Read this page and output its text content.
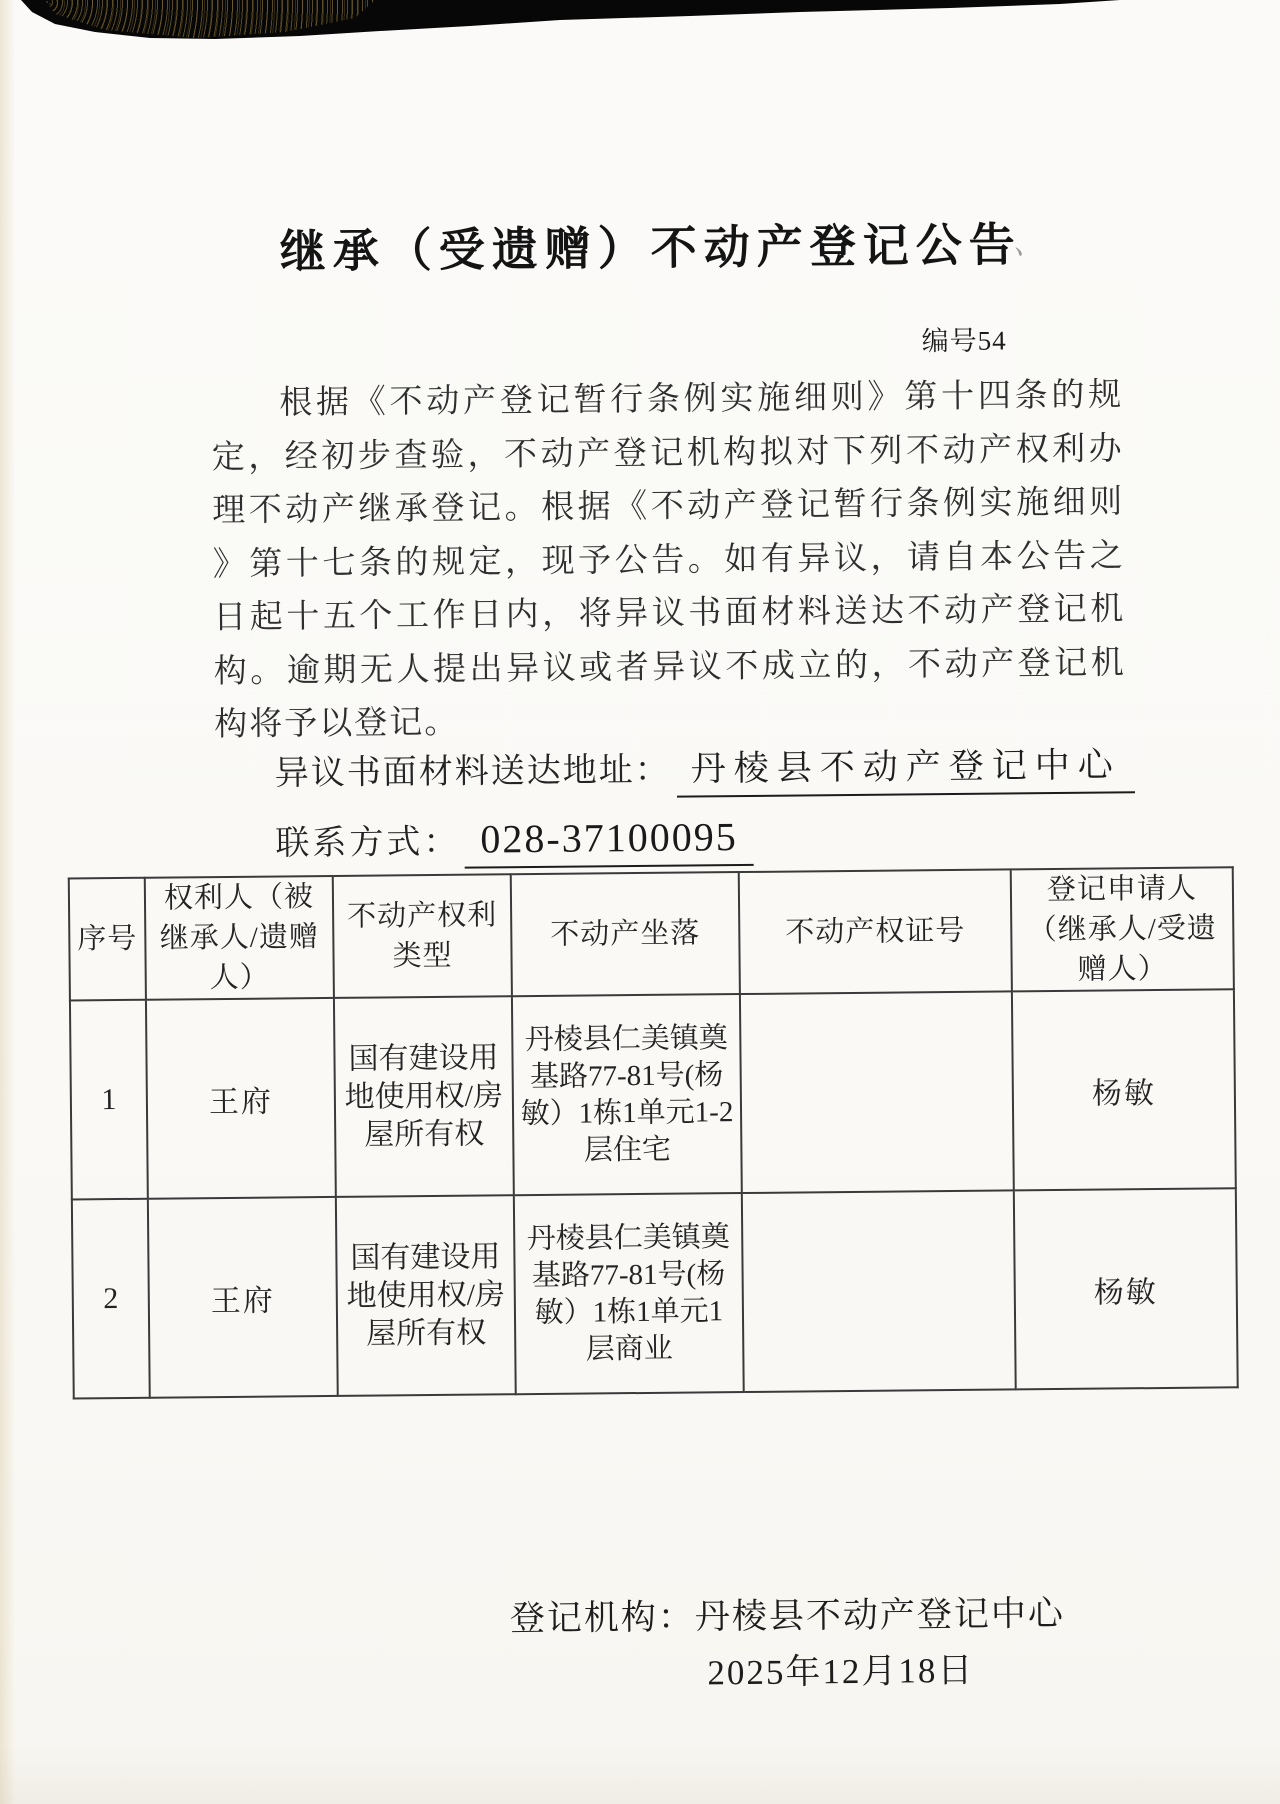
继承（受遗赠）不动产登记公告
、
编号54
根据《不动产登记暂行条例实施细则》第十四条的规
定，经初步查验，不动产登记机构拟对下列不动产权利办
理不动产继承登记。根据《不动产登记暂行条例实施细则
》第十七条的规定，现予公告。如有异议，请自本公告之
日起十五个工作日内，将异议书面材料送达不动产登记机
构。逾期无人提出异议或者异议不成立的，不动产登记机
构将予以登记。
异议书面材料送达地址： 丹棱县不动产登记中心
联系方式： 028-37100095
序号	权利人（被继承人/遗赠人）	不动产权利类型	不动产坐落	不动产权证号	登记申请人（继承人/受遗赠人）
1	王府	国有建设用地使用权/房屋所有权	丹棱县仁美镇奠基路77-81号(杨敏）1栋1单元1-2层住宅		杨敏
2	王府	国有建设用地使用权/房屋所有权	丹棱县仁美镇奠基路77-81号(杨敏）1栋1单元1层商业		杨敏
登记机构：丹棱县不动产登记中心
2025年12月18日
